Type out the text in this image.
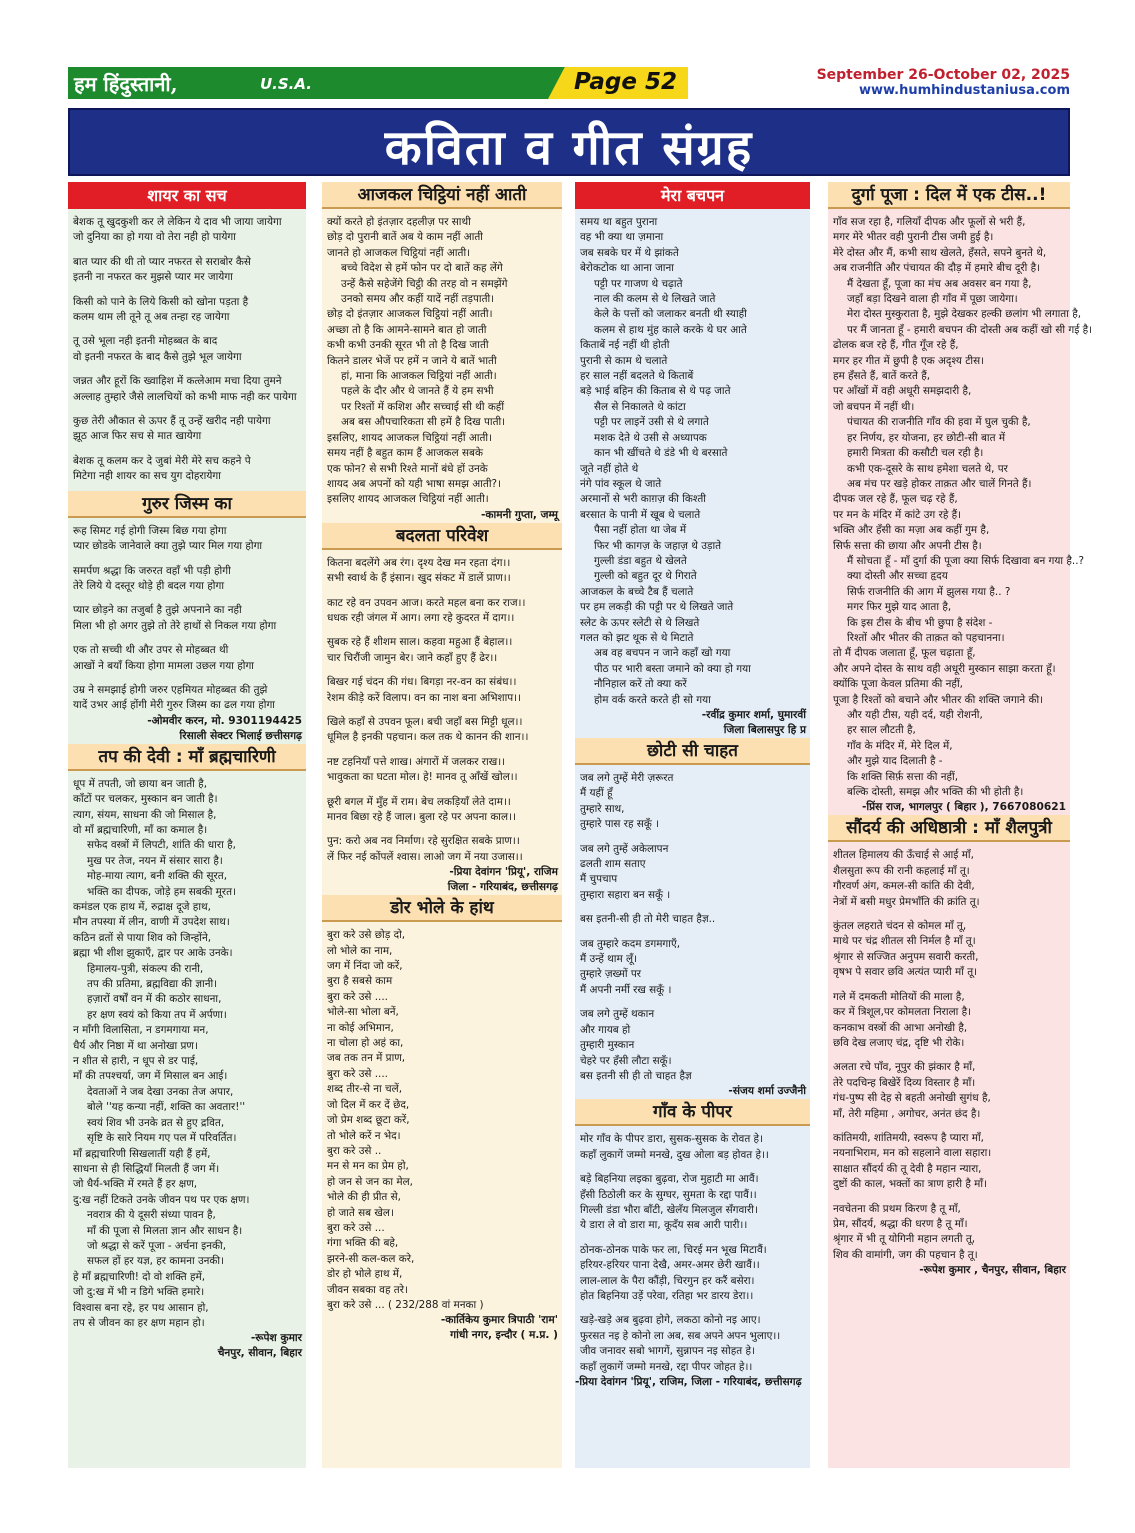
हम हिंदुस्तानी,	U.S.A.	Page 52	September 26-October 02, 2025
www.humhindustaniusa.com
कविता व गीत संग्रह
शायर का सच
बेशक तू खुदकुशी कर ले लेकिन ये दाव भी जाया जायेगा
जो दुनिया का हो गया वो तेरा नही हो पायेगा
बात प्यार की थी तो प्यार नफरत से सराबोर कैसे
इतनी ना नफरत कर मुझसे प्यार मर जायेगा
किसी को पाने के लिये किसी को खोना पड़ता है
कलम थाम ली तूने तू अब तन्हा रह जायेगा
तू उसे भूला नही इतनी मोहब्बत के बाद
वो इतनी नफरत के बाद कैसे तुझे भूल जायेगा
जन्नत और हूरों कि ख्वाहिश में कत्लेआम मचा दिया तुमने
अल्लाह तुम्हारे जैसे लालचियों को कभी माफ नही कर पायेगा
कुछ तेरी औकात से ऊपर हैं तू उन्हें खरीद नही पायेगा
झूठ आज फिर सच से मात खायेगा
बेशक तू कलम कर दे जुबां मेरी मेरे सच कहने पे
मिटेगा नही शायर का सच युग दोहरायेगा
गुरुर जिस्म का
रूह सिमट गई होगी जिस्म बिछ गया होगा
प्यार छोडके जानेवाले क्या तुझे प्यार मिल गया होगा
समर्पण श्रद्धा कि जरुरत वहाँ भी पड़ी होगी
तेरे लिये ये दस्तूर थोड़े ही बदल गया होगा
प्यार छोड़ने का तजुर्बा है तुझे अपनाने का नही
मिला भी हो अगर तुझे तो तेरे हाथों से निकल गया होगा
एक तो सच्ची थी और उपर से मोहब्बत थी
आखों ने बयाँ किया होगा मामला उछल गया होगा
उम्र ने समझाई होगी जरुर एहमियत मोहब्बत की तुझे
यादें उभर आई होंगी मेरी गुरुर जिस्म का ढल गया होगा
-ओमवीर करन, मो. 9301194425
रिसाली सेक्टर भिलाई छत्तीसगढ़
तप की देवी : माँ ब्रह्मचारिणी
धूप में तपती, जो छाया बन जाती है,
काँटों पर चलकर, मुस्कान बन जाती है।
त्याग, संयम, साधना की जो मिसाल है,
वो माँ ब्रह्मचारिणी, माँ का कमाल है।
सफेद वस्त्रों में लिपटी, शांति की धारा है,
मुख पर तेज, नयन में संसार सारा है।
मोह-माया त्याग, बनी शक्ति की सूरत,
भक्ति का दीपक, जोड़े हम सबकी मूरत।
कमंडल एक हाथ में, रुद्राक्ष दूजे हाथ,
मौन तपस्या में लीन, वाणी में उपदेश साथ।
कठिन व्रतों से पाया शिव को जिन्होंने,
ब्रह्मा भी शीश झुकाएँ, द्वार पर आके उनके।
हिमालय-पुत्री, संकल्प की रानी,
तप की प्रतिमा, ब्रह्मविद्या की ज्ञानी।
हज़ारों वर्षों वन में की कठोर साधना,
हर क्षण स्वयं को किया तप में अर्पणा।
न माँगी विलासिता, न डगमगाया मन,
धैर्य और निष्ठा में था अनोखा प्रण।
न शीत से हारी, न धूप से डर पाई,
माँ की तपश्चर्या, जग में मिसाल बन आई।
देवताओं ने जब देखा उनका तेज अपार,
बोले ''यह कन्या नहीं, शक्ति का अवतार!''
स्वयं शिव भी उनके व्रत से हुए द्रवित,
सृष्टि के सारे नियम गए पल में परिवर्तित।
माँ ब्रह्मचारिणी सिखलातीं यही हैं हमें,
साधना से ही सिद्धियाँ मिलती हैं जग में।
जो धैर्य-भक्ति में रमते हैं हर क्षण,
दु:ख नहीं टिकते उनके जीवन पथ पर एक क्षण।
नवरात्र की ये दूसरी संध्या पावन है,
माँ की पूजा से मिलता ज्ञान और साधन है।
जो श्रद्धा से करें पूजा - अर्चना इनकी,
सफल हों हर यज्ञ, हर कामना उनकी।
हे माँ ब्रह्मचारिणी! दो वो शक्ति हमें,
जो दु:ख में भी न डिगे भक्ति हमारे।
विश्वास बना रहे, हर पथ आसान हो,
तप से जीवन का हर क्षण महान हो।
-रूपेश कुमार
चैनपुर, सीवान, बिहार
आजकल चिट्ठियां नहीं आती
क्यों करते हो इंतज़ार दहलीज़ पर साथी
छोड़ दो पुरानी बातें अब ये काम नहीं आती
जानते हो आजकल चिट्ठियां नहीं आती।
बच्चे विदेश से हमें फोन पर दो बातें कह लेंगे
उन्हें कैसे सहेजेंगे चिट्ठी की तरह वो न समझेंगे
उनको समय और कहीं यादें नहीं तड़पाती।
छोड़ दो इंतज़ार आजकल चिट्ठियां नहीं आती।
अच्छा तो है कि आमने-सामने बात हो जाती
कभी कभी उनकी सूरत भी तो है दिख जाती
कितने डालर भेजें पर हमें न जाने ये बातें भाती
हां, माना कि आजकल चिट्ठियां नहीं आती।
पहले के दौर और थे जानते हैं ये हम सभी
पर रिश्तों में कशिश और सच्चाई सी थी कहीं
अब बस औपचारिकता सी हमें है दिख पाती।
इसलिए, शायद आजकल चिट्ठियां नहीं आती।
समय नहीं है बहुत काम हैं आजकल सबके
एक फोन? से सभी रिश्ते मानों बंधे हों उनके
शायद अब अपनों को यही भाषा समझ आती?।
इसलिए शायद आजकल चिट्ठियां नहीं आती।
-कामनी गुप्ता, जम्मू
बदलता परिवेश
कितना बदलेंगे अब रंग। दृश्य देख मन रहता दंग।।
सभी स्वार्थ के हैं इंसान। खुद संकट में डालें प्राण।।
काट रहे वन उपवन आज। करते महल बना कर राज।।
धधक रही जंगल में आग। लगा रहे कुदरत में दाग।।
सुबक रहे हैं शीशम साल। कहवा महुआ हैं बेहाल।।
चार चिरौंजी जामुन बेर। जाने कहाँ हुए हैं ढेर।।
बिखर गई चंदन की गंध। बिगड़ा नर-वन का संबंध।।
रेशम कीड़े करें विलाप। वन का नाश बना अभिशाप।।
खिले कहाँ से उपवन फूल। बची जहाँ बस मिट्टी धूल।।
धूमिल है इनकी पहचान। कल तक थे कानन की शान।।
नष्ट टहनियाँ पत्ते शाख। अंगारों में जलकर राख।।
भावुकता का घटता मोल। हे! मानव तू आँखें खोल।।
छूरी बगल में मुँह में राम। बेच लकड़ियाँ लेते दाम।।
मानव बिछा रहे हैं जाल। बुला रहे पर अपना काल।।
पुन: करो अब नव निर्माण। रहे सुरक्षित सबके प्राण।।
लें फिर नई कोंपलें श्वास। लाओ जग में नया उजास।।
-प्रिया देवांगन 'प्रियू', राजिम
जिला - गरियाबंद, छत्तीसगढ़
डोर भोले के हांथ
बुरा करे उसे छोड़ दो,
लो भोले का नाम,
जग में निंदा जो करें,
बुरा है सबसे काम
बुरा करे उसे ....
भोले-सा भोला बनें,
ना कोई अभिमान,
ना चोला हो अहं का,
जब तक तन में प्राण,
बुरा करे उसे ....
शब्द तीर-से ना चलें,
जो दिल में कर दें छेद,
जो प्रेम शब्द छूटा करें,
तो भोले करें न भेद।
बुरा करे उसे ..
मन से मन का प्रेम हो,
हो जन से जन का मेल,
भोले की ही प्रीत से,
हो जाते सब खेल।
बुरा करे उसे ...
गंगा भक्ति की बहे,
झरने-सी कल-कल करे,
डोर हो भोले हाथ में,
जीवन सबका वह तरे।
बुरा करे उसे ... ( 232/288 वां मनका )
-कार्तिकेय कुमार त्रिपाठी 'राम'
गांधी नगर, इन्दौर ( म.प्र. )
मेरा बचपन
समय था बहुत पुराना
वह भी क्या था ज़माना
जब सबके घर में थे झांकते
बेरोकटोक था आना जाना
पट्टी पर गाजण थे चढ़ाते
नाल की कलम से थे लिखते जाते
केले के पत्तों को जलाकर बनती थी स्याही
कलम से हाथ मुंह काले करके थे घर आते
किताबें नई नहीं थी होती
पुरानी से काम थे चलाते
हर साल नहीं बदलते थे किताबें
बड़े भाई बहिन की किताब से थे पढ़ जाते
सैल से निकालते थे कांटा
पट्टी पर लाइनें उसी से थे लगाते
मशक देते थे उसी से अध्यापक
कान भी खींचते थे डंडे भी थे बरसाते
जूते नहीं होते थे
नंगे पांव स्कूल थे जाते
अरमानों से भरी काग़ज़ की किश्ती
बरसात के पानी में खूब थे चलाते
पैसा नहीं होता था जेब में
फिर भी कागज़ के जहाज़ थे उड़ाते
गुल्ली डंडा बहुत थे खेलते
गुल्ली को बहुत दूर थे गिराते
आजकल के बच्चे टैब हैं चलाते
पर हम लकड़ी की पट्टी पर थे लिखते जाते
स्लेट के ऊपर स्लेटी से थे लिखते
गलत को झट थूक से थे मिटाते
अब वह बचपन न जाने कहाँ खो गया
पीठ पर भारी बस्ता जमाने को क्या हो गया
नौनिहाल करें तो क्या करें
होम वर्क करते करते ही सो गया
-रवींद्र कुमार शर्मा, घुमारवीं
जिला बिलासपुर हि प्र
छोटी सी चाहत
जब लगे तुम्हें मेरी ज़रूरत
मैं यहीं हूँ
तुम्हारे साथ,
तुम्हारे पास रह सकूँ ।
जब लगे तुम्हें अकेलापन
ढलती शाम सताए
मैं चुपचाप
तुम्हारा सहारा बन सकूँ ।
बस इतनी-सी ही तो मेरी चाहत हैज्ञ..
जब तुम्हारे कदम डगमगाएँ,
मैं उन्हें थाम लूँ।
तुम्हारे ज़ख्मों पर
मैं अपनी नर्मी रख सकूँ ।
जब लगे तुम्हें थकान
और गायब हो
तुम्हारी मुस्कान
चेहरे पर हँसी लौटा सकूँ।
बस इतनी सी ही तो चाहत हैज्ञ
-संजय शर्मा उज्जैनी
गाँव के पीपर
मोर गाँव के पीपर डारा, सुसक-सुसक के रोवत हे।
कहाँ लुकागें जम्मो मनखे, दुख ओला बड़ होवत हे।।
बड़े बिहनिया लइका बुढ़वा, रोज मुहाटी मा आवैं।
हँसी ठिठोली कर के सुग्घर, सुमता के रद्दा पावैं।।
गिल्ली डंडा भौरा बाँटी, खेलँय मिलजुल सँगवारी।
ये डारा ले वो डारा मा, कूदँय सब आरी पारी।।
ठोनक-ठोनक पाके फर ला, चिरई मन भूख मिटावैं।
हरियर-हरियर पाना देखै, अमर-अमर छेरी खावैं।।
लाल-लाल के पैरा कौंड़ी, चिरगुन हर करैं बसेरा।
होत बिहनिया उड़ें परेवा, रतिहा भर डारय डेरा।।
खड़े-खड़े अब बुढ़वा होगे, लकठा कोनो नइ आए।
फुरसत नइ हे कोनो ला अब, सब अपने अपन भुलाए।।
जीव जनावर सबो भागगें, सुन्नापन नइ सोहत हे।
कहाँ लुकागें जम्मो मनखे, रद्दा पीपर जोहत हे।।
-प्रिया देवांगन 'प्रियू', राजिम, जिला - गरियाबंद, छत्तीसगढ़
दुर्गा पूजा : दिल में एक टीस..!
गाँव सज रहा है, गलियाँ दीपक और फूलों से भरी हैं,
मगर मेरे भीतर वही पुरानी टीस जमी हुई है।
मेरे दोस्त और मैं, कभी साथ खेलते, हँसते, सपने बुनते थे,
अब राजनीति और पंचायत की दौड़ में हमारे बीच दूरी है।
मैं देखता हूँ, पूजा का मंच अब अवसर बन गया है,
जहाँ बड़ा दिखने वाला ही गाँव में पूछा जायेगा।
मेरा दोस्त मुस्कुराता है, मुझे देखकर हल्की छलांग भी लगाता है,
पर मैं जानता हूँ - हमारी बचपन की दोस्ती अब कहीं खो सी गई है।
ढोलक बज रहे हैं, गीत गूँज रहे हैं,
मगर हर गीत में छुपी है एक अदृश्य टीस।
हम हँसते हैं, बातें करते हैं,
पर आँखों में वही अधूरी समझदारी है,
जो बचपन में नहीं थी।
पंचायत की राजनीति गाँव की हवा में घुल चुकी है,
हर निर्णय, हर योजना, हर छोटी-सी बात में
हमारी मित्रता की कसौटी चल रही है।
कभी एक-दूसरे के साथ हमेशा चलते थे, पर
अब मंच पर खड़े होकर ताक़त और चालें गिनते हैं।
दीपक जल रहे हैं, फूल चढ़ रहे हैं,
पर मन के मंदिर में कांटे उग रहे हैं।
भक्ति और हँसी का मज़ा अब कहीं गुम है,
सिर्फ सत्ता की छाया और अपनी टीस है।
मैं सोचता हूँ - माँ दुर्गा की पूजा क्या सिर्फ दिखावा बन गया है..?
क्या दोस्ती और सच्चा हृदय
सिर्फ राजनीति की आग में झुलस गया है.. ?
मगर फिर मुझे याद आता है,
कि इस टीस के बीच भी छुपा है संदेश -
रिश्तों और भीतर की ताक़त को पहचानना।
तो मैं दीपक जलाता हूँ, फूल चढ़ाता हूँ,
और अपने दोस्त के साथ वही अधूरी मुस्कान साझा करता हूँ।
क्योंकि पूजा केवल प्रतिमा की नहीं,
पूजा है रिश्तों को बचाने और भीतर की शक्ति जगाने की।
और यही टीस, यही दर्द, यही रोशनी,
हर साल लौटती है,
गाँव के मंदिर में, मेरे दिल में,
और मुझे याद दिलाती है -
कि शक्ति सिर्फ़ सत्ता की नहीं,
बल्कि दोस्ती, समझ और भक्ति की भी होती है।
-प्रिंस राज, भागलपुर ( बिहार ), 7667080621
सौंदर्य की अधिष्ठात्री : माँ शैलपुत्री
शीतल हिमालय की ऊँचाई से आई माँ,
शैलसुता रूप की रानी कहलाई माँ तू।
गौरवर्ण अंग, कमल-सी कांति की देवी,
नेत्रों में बसी मधुर प्रेमभाँति की क्रांति तू।
कुंतल लहराते चंदन से कोमल माँ तू,
माथे पर चंद्र शीतल सी निर्मल है माँ तू।
श्रृंगार से सज्जित अनुपम सवारी करती,
वृषभ पे सवार छवि अत्यंत प्यारी माँ तू।
गले में दमकती मोतियों की माला है,
कर में त्रिशूल,पर कोमलता निराला है।
कनकाभ वस्त्रों की आभा अनोखी है,
छवि देख लजाए चंद्र, दृष्टि भी रोके।
अलता रचे पाँव, नूपुर की झंकार है माँ,
तेरे पदचिन्ह बिखेरें दिव्य विस्तार है माँ।
गंध-पुष्प सी देह से बहती अनोखी सुगंध है,
माँ, तेरी महिमा , अगोचर, अनंत छंद है।
कांतिमयी, शांतिमयी, स्वरूप है प्यारा माँ,
नयनाभिराम, मन को सहलाने वाला सहारा।
साक्षात सौंदर्य की तू देवी है महान न्यारा,
दुष्टों की काल, भक्तों का त्राण हारी है माँ।
नवचेतना की प्रथम किरण है तू माँ,
प्रेम, सौंदर्य, श्रद्धा की धरण है तू माँ।
श्रृंगार में भी तू योगिनी महान लगती तू,
शिव की वामांगी, जग की पहचान है तू।
-रूपेश कुमार , चैनपुर, सीवान, बिहार
